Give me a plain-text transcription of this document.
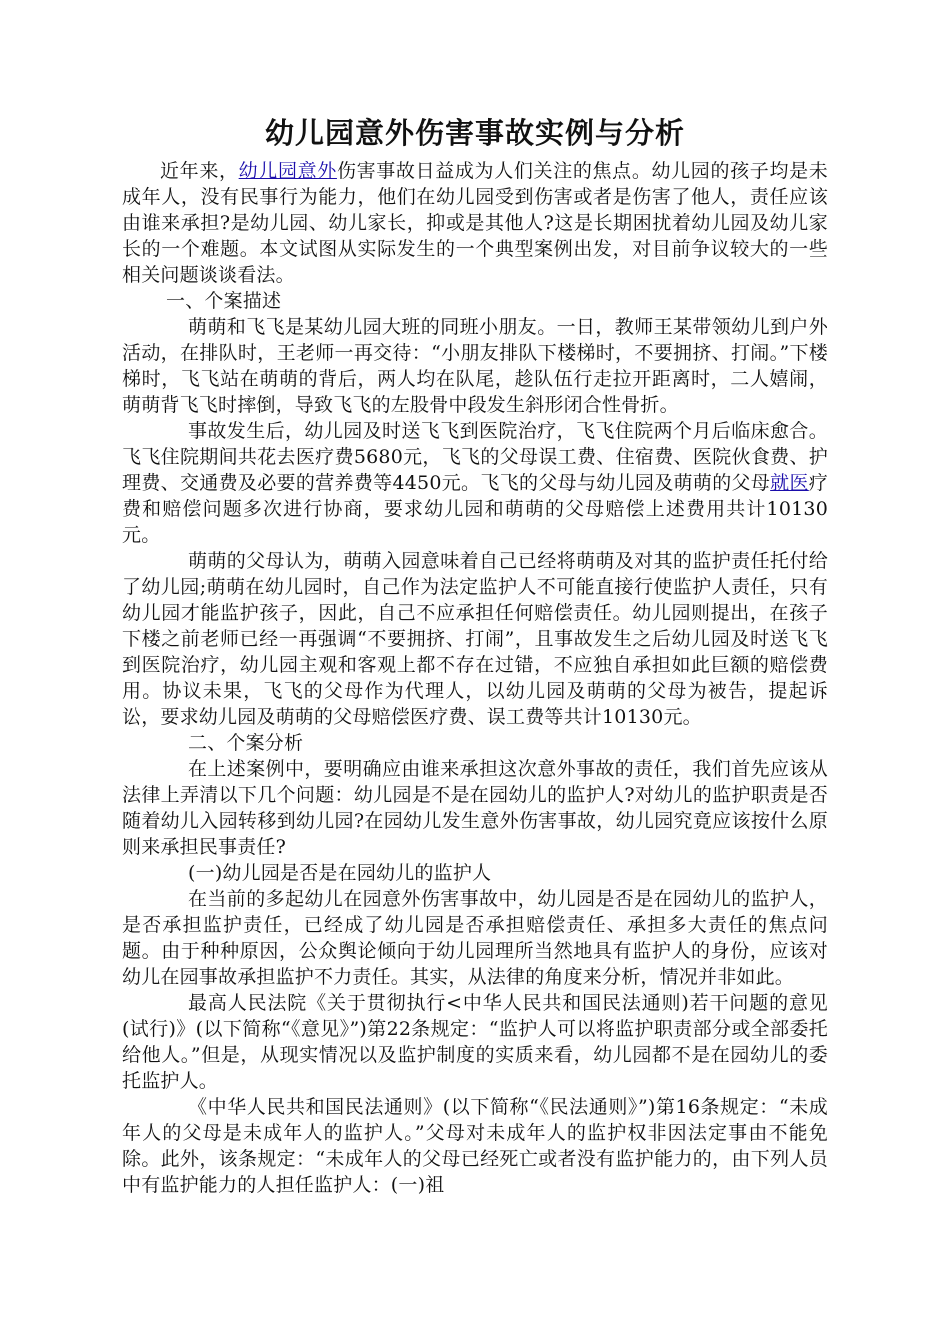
幼儿园意外伤害事故实例与分析

近年来，幼儿园意外伤害事故日益成为人们关注的焦点。幼儿园的孩子均是未成年人，没有民事行为能力，他们在幼儿园受到伤害或者是伤害了他人，责任应该由谁来承担?是幼儿园、幼儿家长，抑或是其他人?这是长期困扰着幼儿园及幼儿家长的一个难题。本文试图从实际发生的一个典型案例出发，对目前争议较大的一些相关问题谈谈看法。

一、个案描述

萌萌和飞飞是某幼儿园大班的同班小朋友。一日，教师王某带领幼儿到户外活动，在排队时，王老师一再交待：“小朋友排队下楼梯时，不要拥挤、打闹。”下楼梯时，飞飞站在萌萌的背后，两人均在队尾，趁队伍行走拉开距离时，二人嬉闹，萌萌背飞飞时摔倒，导致飞飞的左股骨中段发生斜形闭合性骨折。

事故发生后，幼儿园及时送飞飞到医院治疗，飞飞住院两个月后临床愈合。飞飞住院期间共花去医疗费5680元，飞飞的父母误工费、住宿费、医院伙食费、护理费、交通费及必要的营养费等4450元。飞飞的父母与幼儿园及萌萌的父母就医疗费和赔偿问题多次进行协商，要求幼儿园和萌萌的父母赔偿上述费用共计10130元。

萌萌的父母认为，萌萌入园意味着自己已经将萌萌及对其的监护责任托付给了幼儿园;萌萌在幼儿园时，自己作为法定监护人不可能直接行使监护人责任，只有幼儿园才能监护孩子，因此，自己不应承担任何赔偿责任。幼儿园则提出，在孩子下楼之前老师已经一再强调“不要拥挤、打闹”，且事故发生之后幼儿园及时送飞飞到医院治疗，幼儿园主观和客观上都不存在过错，不应独自承担如此巨额的赔偿费用。协议未果，飞飞的父母作为代理人，以幼儿园及萌萌的父母为被告，提起诉讼，要求幼儿园及萌萌的父母赔偿医疗费、误工费等共计10130元。

二、个案分析

在上述案例中，要明确应由谁来承担这次意外事故的责任，我们首先应该从法律上弄清以下几个问题：幼儿园是不是在园幼儿的监护人?对幼儿的监护职责是否随着幼儿入园转移到幼儿园?在园幼儿发生意外伤害事故，幼儿园究竟应该按什么原则来承担民事责任?

(一)幼儿园是否是在园幼儿的监护人

在当前的多起幼儿在园意外伤害事故中，幼儿园是否是在园幼儿的监护人，是否承担监护责任，已经成了幼儿园是否承担赔偿责任、承担多大责任的焦点问题。由于种种原因，公众舆论倾向于幼儿园理所当然地具有监护人的身份，应该对幼儿在园事故承担监护不力责任。其实，从法律的角度来分析，情况并非如此。

最高人民法院《关于贯彻执行<中华人民共和国民法通则)若干问题的意见(试行)》(以下简称“《意见》”)第22条规定：“监护人可以将监护职责部分或全部委托给他人。”但是，从现实情况以及监护制度的实质来看，幼儿园都不是在园幼儿的委托监护人。

《中华人民共和国民法通则》(以下简称“《民法通则》”)第16条规定：“未成年人的父母是未成年人的监护人。”父母对未成年人的监护权非因法定事由不能免除。此外，该条规定：“未成年人的父母已经死亡或者没有监护能力的，由下列人员中有监护能力的人担任监护人：(一)祖
